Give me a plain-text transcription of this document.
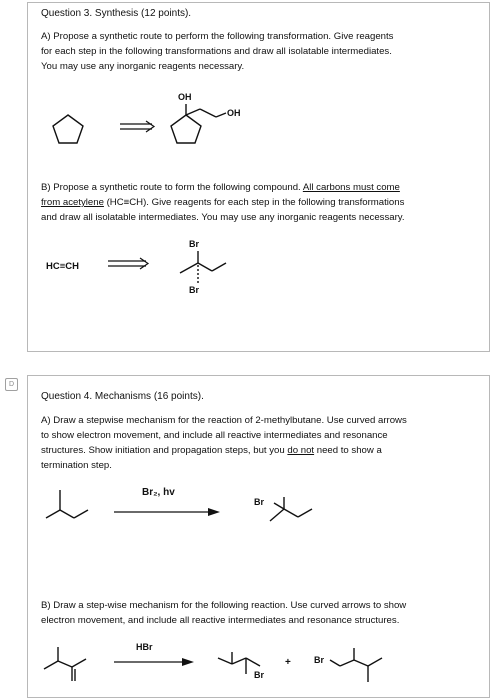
D
Question 3. Synthesis (12 points).
A) Propose a synthetic route to perform the following transformation. Give reagents
for each step in the following transformations and draw all isolatable intermediates.
You may use any inorganic reagents necessary.
OH
OH
B) Propose a synthetic route to form the following compound. All carbons must come
from acetylene (HC≡CH). Give reagents for each step in the following transformations
and draw all isolatable intermediates. You may use any inorganic reagents necessary.
HC≡CH
Br
Br
Question 4. Mechanisms (16 points).
A) Draw a stepwise mechanism for the reaction of 2-methylbutane. Use curved arrows
to show electron movement, and include all reactive intermediates and resonance
structures. Show initiation and propagation steps, but you do not need to show a
termination step.
Br₂, hv
Br
B) Draw a step-wise mechanism for the following reaction. Use curved arrows to show
electron movement, and include all reactive intermediates and resonance structures.
HBr
Br
+	Br
